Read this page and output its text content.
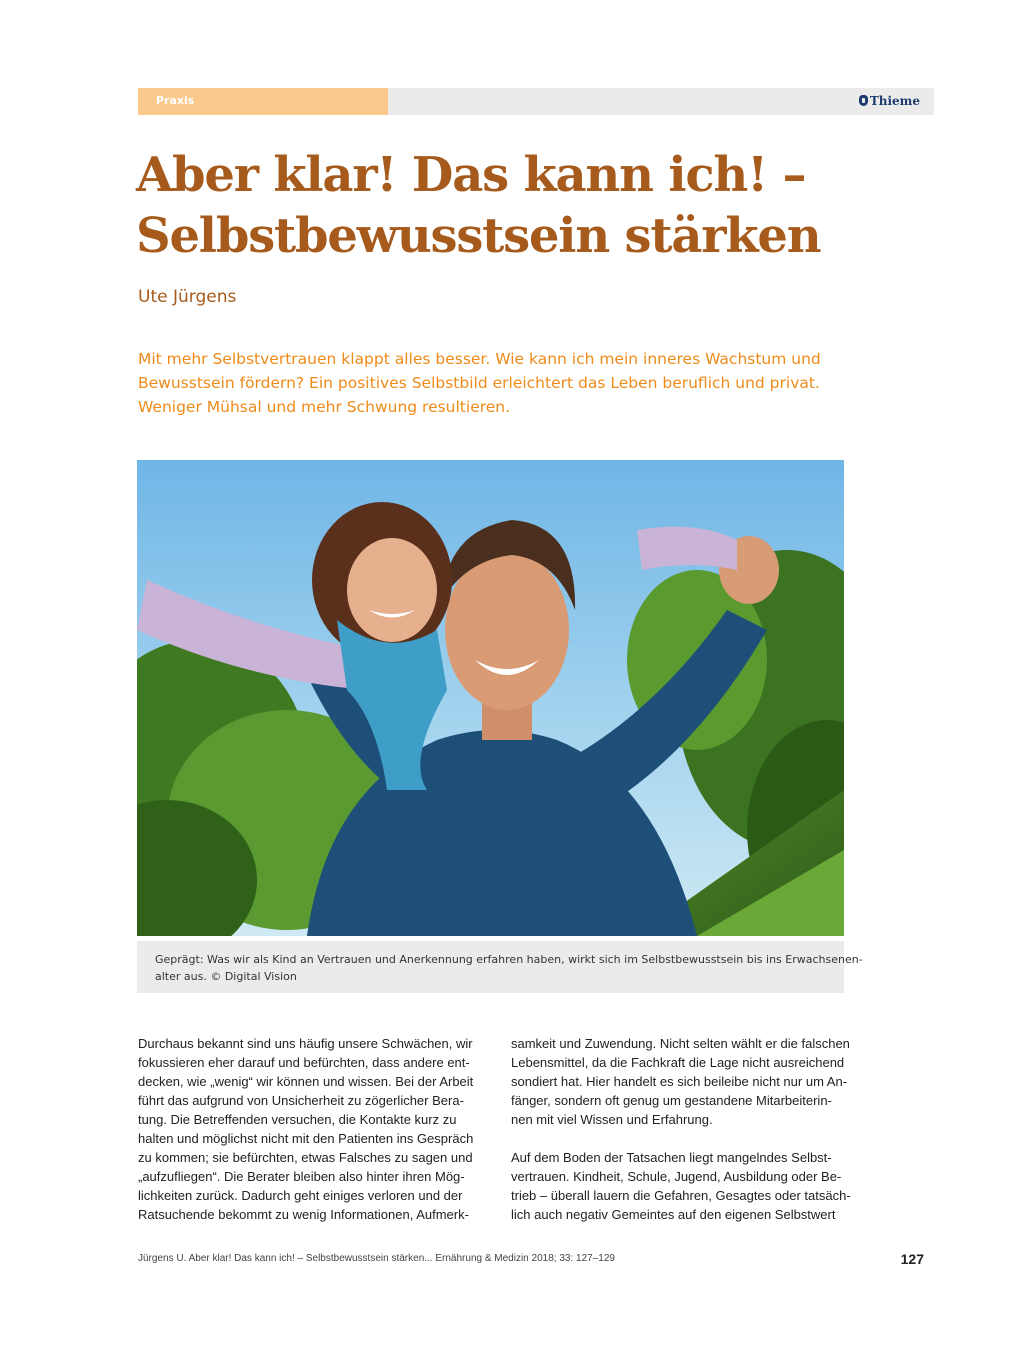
Praxis	Thieme
Aber klar! Das kann ich! –
Selbstbewusstsein stärken
Ute Jürgens
Mit mehr Selbstvertrauen klappt alles besser. Wie kann ich mein inneres Wachstum und
Bewusstsein fördern? Ein positives Selbstbild erleichtert das Leben beruflich und privat.
Weniger Mühsal und mehr Schwung resultieren.
Geprägt: Was wir als Kind an Vertrauen und Anerkennung erfahren haben, wirkt sich im Selbstbewusstsein bis ins Erwachsenen-
alter aus. © Digital Vision
Durchaus bekannt sind uns häufig unsere Schwächen, wir
fokussieren eher darauf und befürchten, dass andere ent-
decken, wie „wenig“ wir können und wissen. Bei der Arbeit
führt das aufgrund von Unsicherheit zu zögerlicher Bera-
tung. Die Betreffenden versuchen, die Kontakte kurz zu
halten und möglichst nicht mit den Patienten ins Gespräch
zu kommen; sie befürchten, etwas Falsches zu sagen und
„aufzufliegen“. Die Berater bleiben also hinter ihren Mög-
lichkeiten zurück. Dadurch geht einiges verloren und der
Ratsuchende bekommt zu wenig Informationen, Aufmerk-
samkeit und Zuwendung. Nicht selten wählt er die falschen
Lebensmittel, da die Fachkraft die Lage nicht ausreichend
sondiert hat. Hier handelt es sich beileibe nicht nur um An-
fänger, sondern oft genug um gestandene Mitarbeiterin-
nen mit viel Wissen und Erfahrung.
Auf dem Boden der Tatsachen liegt mangelndes Selbst-
vertrauen. Kindheit, Schule, Jugend, Ausbildung oder Be-
trieb – überall lauern die Gefahren, Gesagtes oder tatsäch-
lich auch negativ Gemeintes auf den eigenen Selbstwert
Jürgens U. Aber klar! Das kann ich! – Selbstbewusstsein stärken... Ernährung & Medizin 2018; 33: 127–129	127
